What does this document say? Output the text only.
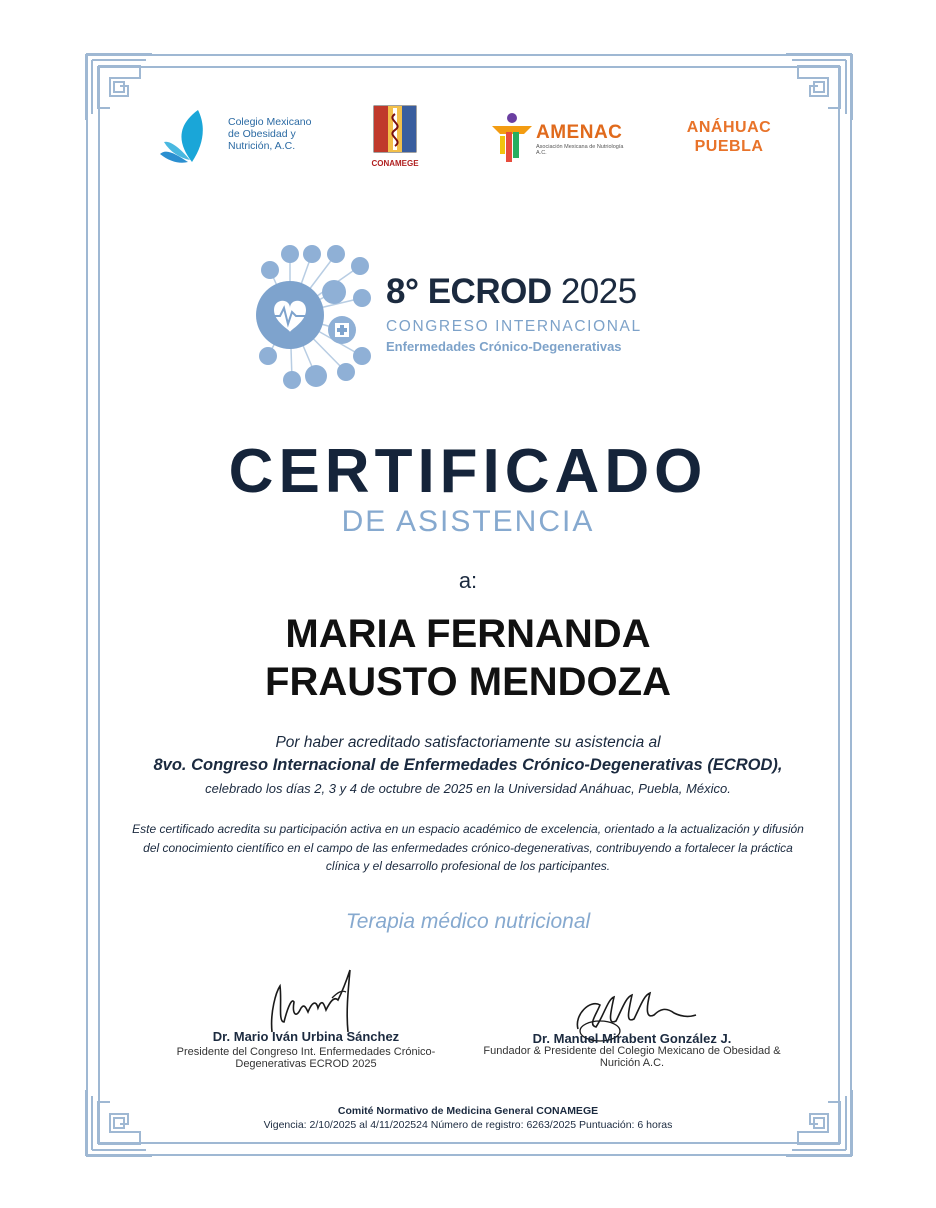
Colegio Mexicano de Obesidad y Nutrición, A.C.
CONAMEGE
AMENAC
Asociación Mexicana de Nutriología A.C.
ANÁHUAC
PUEBLA
8° ECROD 2025
CONGRESO INTERNACIONAL
Enfermedades Crónico-Degenerativas
CERTIFICADO
DE ASISTENCIA
a:
MARIA FERNANDA
FRAUSTO MENDOZA
Por haber acreditado satisfactoriamente su asistencia al
8vo. Congreso Internacional de Enfermedades Crónico-Degenerativas (ECROD),
celebrado los días 2, 3 y 4 de octubre de 2025 en la Universidad Anáhuac, Puebla, México.
Este certificado acredita su participación activa en un espacio académico de excelencia, orientado a la actualización y difusión del conocimiento científico en el campo de las enfermedades crónico-degenerativas, contribuyendo a fortalecer la práctica clínica y el desarrollo profesional de los participantes.
Terapia médico nutricional
Dr. Mario Iván Urbina Sánchez
Presidente del Congreso Int. Enfermedades Crónico-Degenerativas ECROD 2025
Dr. Manuel Mirabent González J.
Fundador & Presidente del Colegio Mexicano de Obesidad & Nurición A.C.
Comité Normativo de Medicina General CONAMEGE
Vigencia: 2/10/2025 al 4/11/202524 Número de registro: 6263/2025 Puntuación: 6 horas
